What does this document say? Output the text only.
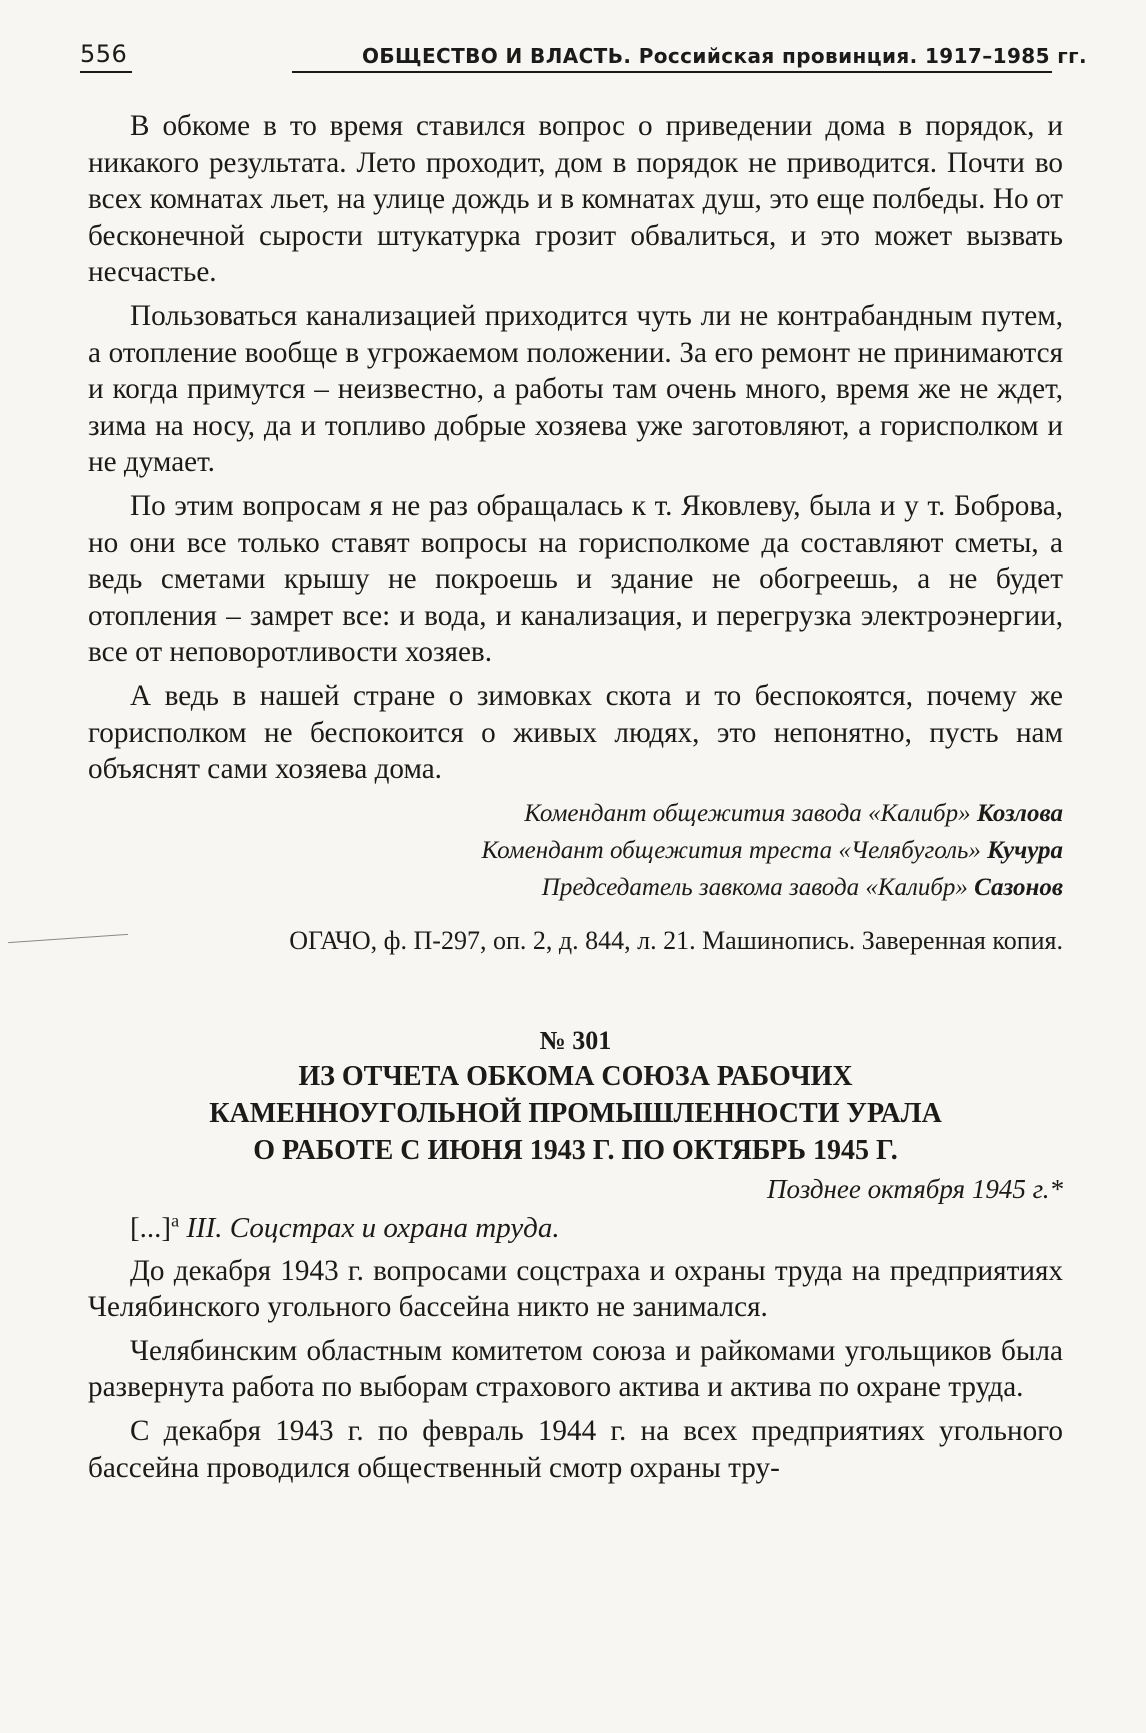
556	ОБЩЕСТВО И ВЛАСТЬ. Российская провинция. 1917–1985 гг.

В обкоме в то время ставился вопрос о приведении дома в порядок, и никакого результата. Лето проходит, дом в порядок не приводится. Почти во всех комнатах льет, на улице дождь и в комнатах душ, это еще полбеды. Но от бесконечной сырости штукатурка грозит обвалиться, и это может вызвать несчастье.

Пользоваться канализацией приходится чуть ли не контрабандным путем, а отопление вообще в угрожаемом положении. За его ремонт не принимаются и когда примутся – неизвестно, а работы там очень много, время же не ждет, зима на носу, да и топливо добрые хозяева уже заготовляют, а горисполком и не думает.

По этим вопросам я не раз обращалась к т. Яковлеву, была и у т. Боброва, но они все только ставят вопросы на горисполкоме да составляют сметы, а ведь сметами крышу не покроешь и здание не обогреешь, а не будет отопления – замрет все: и вода, и канализация, и перегрузка электроэнергии, все от неповоротливости хозяев.

А ведь в нашей стране о зимовках скота и то беспокоятся, почему же горисполком не беспокоится о живых людях, это непонятно, пусть нам объяснят сами хозяева дома.

Комендант общежития завода «Калибр» Козлова
Комендант общежития треста «Челябуголь» Кучура
Председатель завкома завода «Калибр» Сазонов
ОГАЧО, ф. П-297, оп. 2, д. 844, л. 21. Машинопись. Заверенная копия.
№ 301
ИЗ ОТЧЕТА ОБКОМА СОЮЗА РАБОЧИХ
КАМЕННОУГОЛЬНОЙ ПРОМЫШЛЕННОСТИ УРАЛА
О РАБОТЕ С ИЮНЯ 1943 Г. ПО ОКТЯБРЬ 1945 Г.
Позднее октября 1945 г.*
[...]$^а$ III. Соцстрах и охрана труда.

До декабря 1943 г. вопросами соцстраха и охраны труда на предприятиях Челябинского угольного бассейна никто не занимался.

Челябинским областным комитетом союза и райкомами угольщиков была развернута работа по выборам страхового актива и актива по охране труда.

С декабря 1943 г. по февраль 1944 г. на всех предприятиях угольного бассейна проводился общественный смотр охраны тру-
